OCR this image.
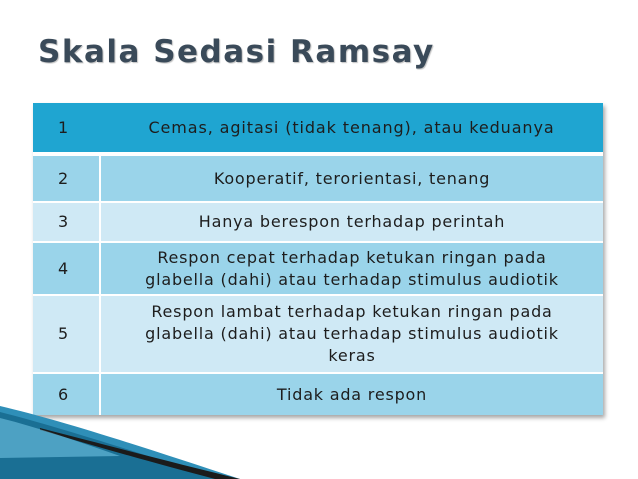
Skala Sedasi Ramsay
1	Cemas, agitasi (tidak tenang), atau keduanya
2	Kooperatif, terorientasi, tenang
3	Hanya berespon terhadap perintah
4	Respon cepat terhadap ketukan ringan pada
glabella (dahi) atau terhadap stimulus audiotik

5	Respon lambat terhadap ketukan ringan pada
glabella (dahi) atau terhadap stimulus audiotik
keras

6	Tidak ada respon
